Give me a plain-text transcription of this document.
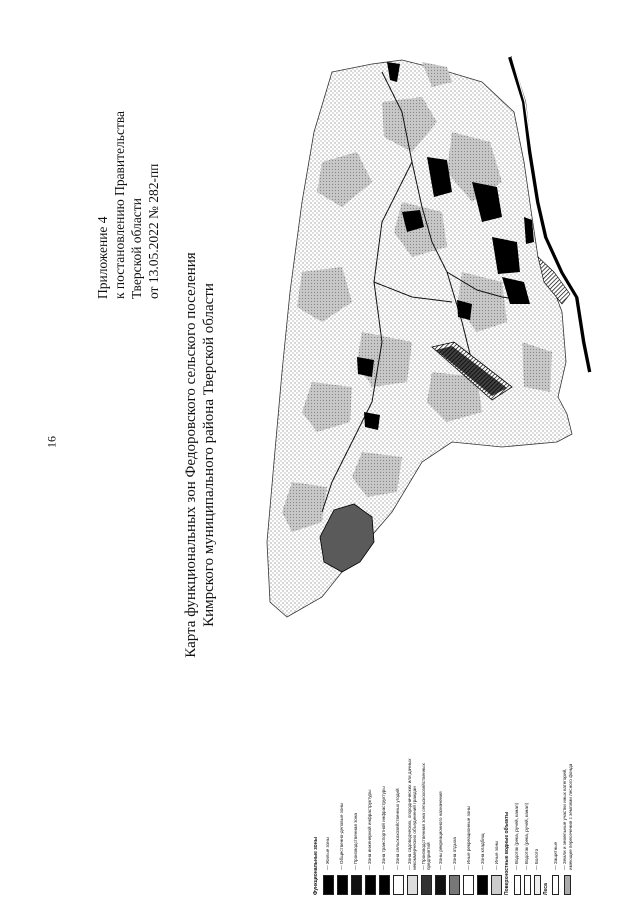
16
Приложение 4 к постановлению Правительства Тверской области от 13.05.2022 № 282-пп
Карта функциональных зон Федоровского сельского поселения Кимрского муниципального района Тверской области
Функциональные зоны — Жилые зоны — Общественно-деловые зоны — Производственная зона — Зона инженерной инфраструктуры — Зона транспортной инфраструктуры — Зона сельскохозяйственных угодий — Зона садоводческих, огороднических или дачных некоммерческих объединений граждан — Производственная зона сельскохозяйственных предприятий — Зоны рекреационного назначения — Зона отдыха — Иные рекреационные зоны — Зона кладбищ — Иные зоны Поверхностные водные объекты — Водоток (река, ручей, канал) — Водоток (река, ручей, канал) — Болото
Леса
— Защитные — Земли и земельные участки иных категорий, имеющие пересечения с землями лесного фонда
